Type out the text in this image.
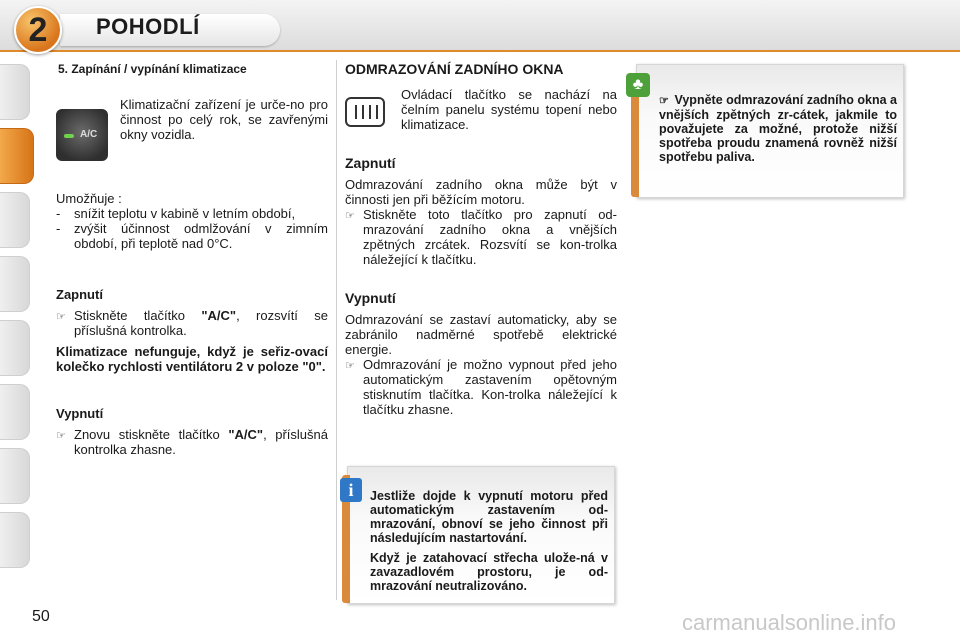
2	POHODLÍ
5. Zapínání / vypínání klimatizace
A/C

Klimatizační zařízení je urče-no pro činnost po celý rok, se zavřenými okny vozidla.

Umožňuje :

-	snížit teplotu v kabině v letním období,
-	zvýšit účinnost odmlžování v zimním období, při teplotě nad 0°C.

Zapnutí

☞ Stiskněte tlačítko "A/C", rozsvítí se příslušná kontrolka.

Klimatizace nefunguje, když je seřiz-ovací kolečko rychlosti ventilátoru 2 v poloze "0".

Vypnutí

☞ Znovu stiskněte tlačítko "A/C", příslušná kontrolka zhasne.
ODMRAZOVÁNÍ ZADNÍHO OKNA

Ovládací tlačítko se nachází na čelním panelu systému topení nebo klimatizace.

Zapnutí

Odmrazování zadního okna může být v činnosti jen při běžícím motoru.

☞ Stiskněte toto tlačítko pro zapnutí od-mrazování zadního okna a vnějších zpětných zrcátek. Rozsvítí se kon-trolka náležející k tlačítku.

Vypnutí

Odmrazování se zastaví automaticky, aby se zabránilo nadměrné spotřebě elektrické energie.

☞ Odmrazování je možno vypnout před jeho automatickým zastavením opětovným stisknutím tlačítka. Kon-trolka náležející k tlačítku zhasne.
☞ Vypněte odmrazování zadního okna a vnějších zpětných zr-cátek, jakmile to považujete za možné, protože nižší spotřeba proudu znamená rovněž nižší spotřebu paliva.
♣

Jestliže dojde k vypnutí motoru před automatickým zastavením od-mrazování, obnoví se jeho činnost při následujícím nastartování.

Když je zatahovací střecha ulože-ná v zavazadlovém prostoru, je od-mrazování neutralizováno.

i
50	carmanualsonline.info
